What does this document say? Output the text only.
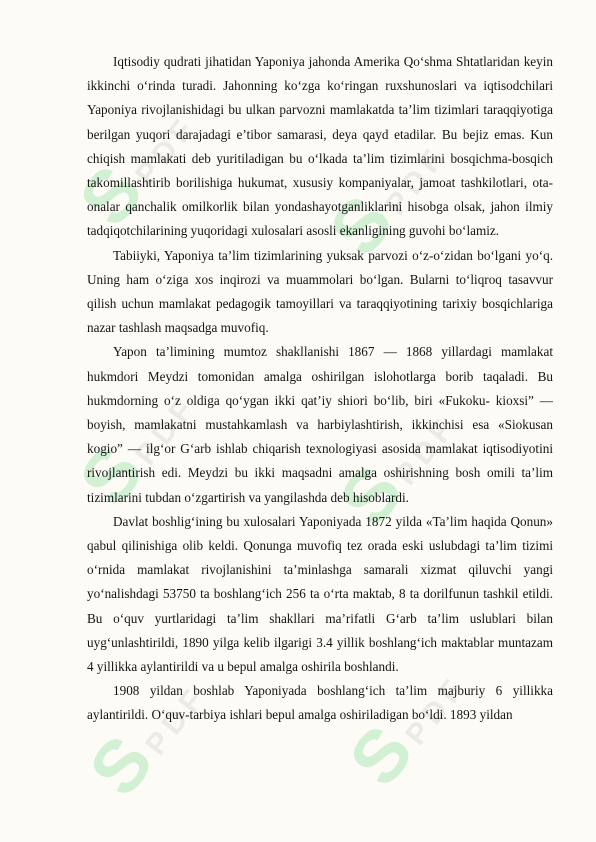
SPDF
SPDF
SPDF
SPDF
SPDF SPDF

Iqtisodiy qudrati jihatidan Yaponiya jahonda Amerika Qo‘shma Shtatlaridan keyin ikkinchi o‘rinda turadi. Jahonning ko‘zga ko‘ringan ruxshunoslari va iqtisodchilari Yaponiya rivojlanishidagi bu ulkan parvozni mamlakatda ta’lim tizimlari taraqqiyotiga berilgan yuqori darajadagi e’tibor samarasi, deya qayd etadilar. Bu bejiz emas. Kun chiqish mamlakati deb yuritiladigan bu o‘lkada ta’lim tizimlarini bosqichma-bosqich takomillashtirib borilishiga hukumat, xususiy kompaniyalar, jamoat tashkilotlari, ota-onalar qanchalik omilkorlik bilan yondashayotganliklarini hisobga olsak, jahon ilmiy tadqiqotchilarining yuqoridagi xulosalari asosli ekanligining guvohi bo‘lamiz.

Tabiiyki, Yaponiya ta’lim tizimlarining yuksak parvozi o‘z-o‘zidan bo‘lgani yo‘q. Uning ham o‘ziga xos inqirozi va muammolari bo‘lgan. Bularni to‘liqroq tasavvur qilish uchun mamlakat pedagogik tamoyillari va taraqqiyotining tarixiy bosqichlariga nazar tashlash maqsadga muvofiq.

Yapon ta’limining mumtoz shakllanishi 1867 — 1868 yillardagi mamlakat hukmdori Meydzi tomonidan amalga oshirilgan islohotlarga borib taqaladi. Bu hukmdorning o‘z oldiga qo‘ygan ikki qat’iy shiori bo‘lib, biri «Fukoku- kioxsi” — boyish, mamlakatni mustahkamlash va harbiylashtirish, ikkinchisi esa «Siokusan kogio” — ilg‘or G‘arb ishlab chiqarish texnologiyasi asosida mamlakat iqtisodiyotini rivojlantirish edi. Meydzi bu ikki maqsadni amalga oshirishning bosh omili ta’lim tizimlarini tubdan o‘zgartirish va yangilashda deb hisoblardi.

Davlat boshlig‘ining bu xulosalari Yaponiyada 1872 yilda «Ta’lim haqida Qonun» qabul qilinishiga olib keldi. Qonunga muvofiq tez orada eski uslubdagi ta’lim tizimi o‘rnida mamlakat rivojlanishini ta’minlashga samarali xizmat qiluvchi yangi yo‘nalishdagi 53750 ta boshlang‘ich 256 ta o‘rta maktab, 8 ta dorilfunun tashkil etildi. Bu o‘quv yurtlaridagi ta’lim shakllari ma’rifatli G‘arb ta’lim uslublari bilan uyg‘unlashtirildi, 1890 yilga kelib ilgarigi 3.4 yillik boshlang‘ich maktablar muntazam 4 yillikka aylantirildi va u bepul amalga oshirila boshlandi.

1908 yildan boshlab Yaponiyada boshlang‘ich ta’lim majburiy 6 yillikka aylantirildi. O‘quv-tarbiya ishlari bepul amalga oshiriladigan bo‘ldi. 1893 yildan
